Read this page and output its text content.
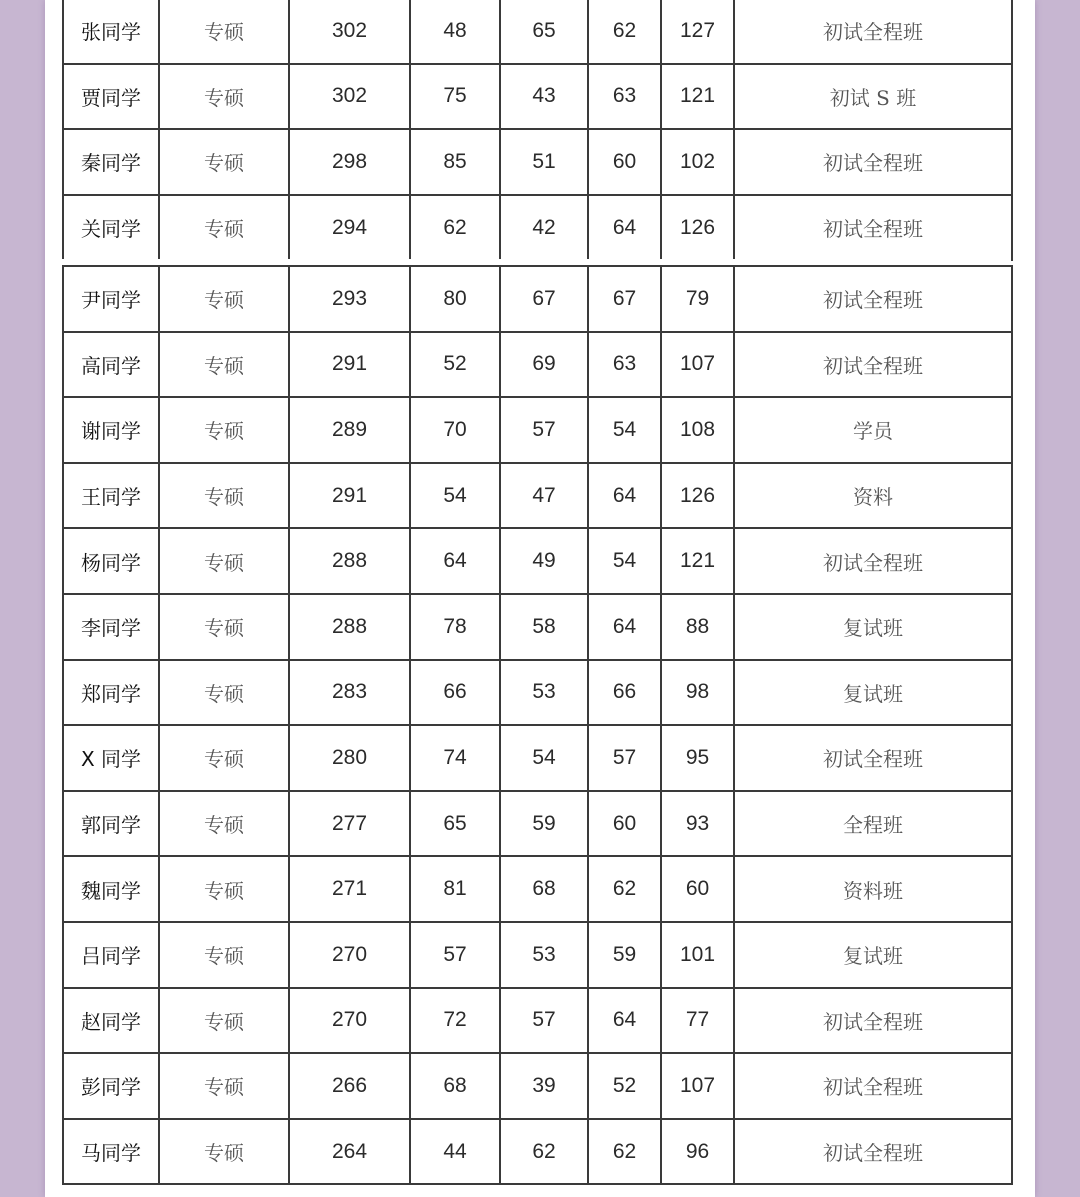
张同学	专硕	302	48	65	62	127	初试全程班
贾同学	专硕	302	75	43	63	121	初试 S 班
秦同学	专硕	298	85	51	60	102	初试全程班
关同学	专硕	294	62	42	64	126	初试全程班
尹同学	专硕	293	80	67	67	79	初试全程班
高同学	专硕	291	52	69	63	107	初试全程班
谢同学	专硕	289	70	57	54	108	学员
王同学	专硕	291	54	47	64	126	资料
杨同学	专硕	288	64	49	54	121	初试全程班
李同学	专硕	288	78	58	64	88	复试班
郑同学	专硕	283	66	53	66	98	复试班
X 同学	专硕	280	74	54	57	95	初试全程班
郭同学	专硕	277	65	59	60	93	全程班
魏同学	专硕	271	81	68	62	60	资料班
吕同学	专硕	270	57	53	59	101	复试班
赵同学	专硕	270	72	57	64	77	初试全程班
彭同学	专硕	266	68	39	52	107	初试全程班
马同学	专硕	264	44	62	62	96	初试全程班
